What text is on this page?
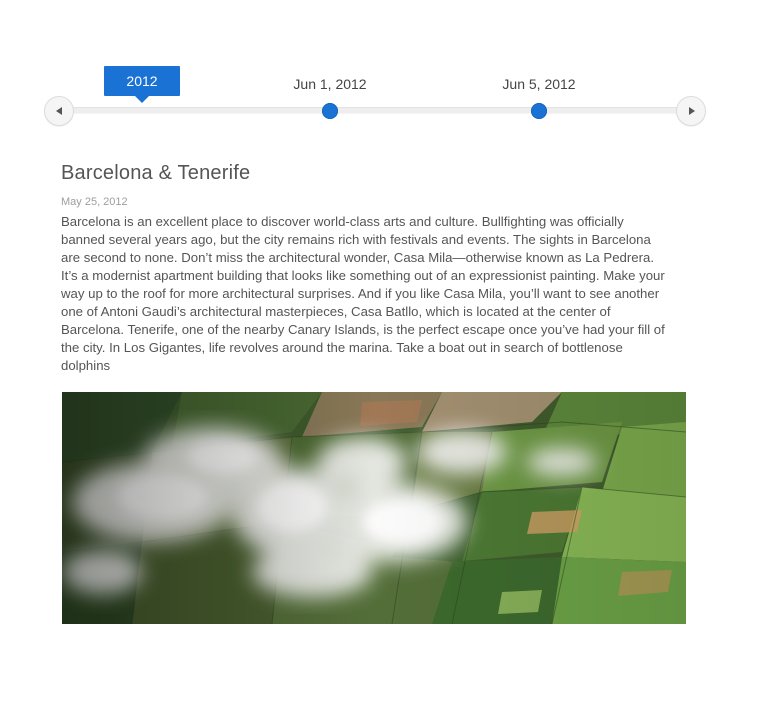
2012	Jun 1, 2012	Jun 5, 2012
Barcelona & Tenerife
May 25, 2012
Barcelona is an excellent place to discover world-class arts and culture. Bullfighting was officially banned several years ago, but the city remains rich with festivals and events. The sights in Barcelona are second to none. Don’t miss the architectural wonder, Casa Mila—otherwise known as La Pedrera. It’s a modernist apartment building that looks like something out of an expressionist painting. Make your way up to the roof for more architectural surprises. And if you like Casa Mila, you’ll want to see another one of Antoni Gaudi’s architectural masterpieces, Casa Batllo, which is located at the center of Barcelona. Tenerife, one of the nearby Canary Islands, is the perfect escape once you’ve had your fill of the city. In Los Gigantes, life revolves around the marina. Take a boat out in search of bottlenose dolphins
